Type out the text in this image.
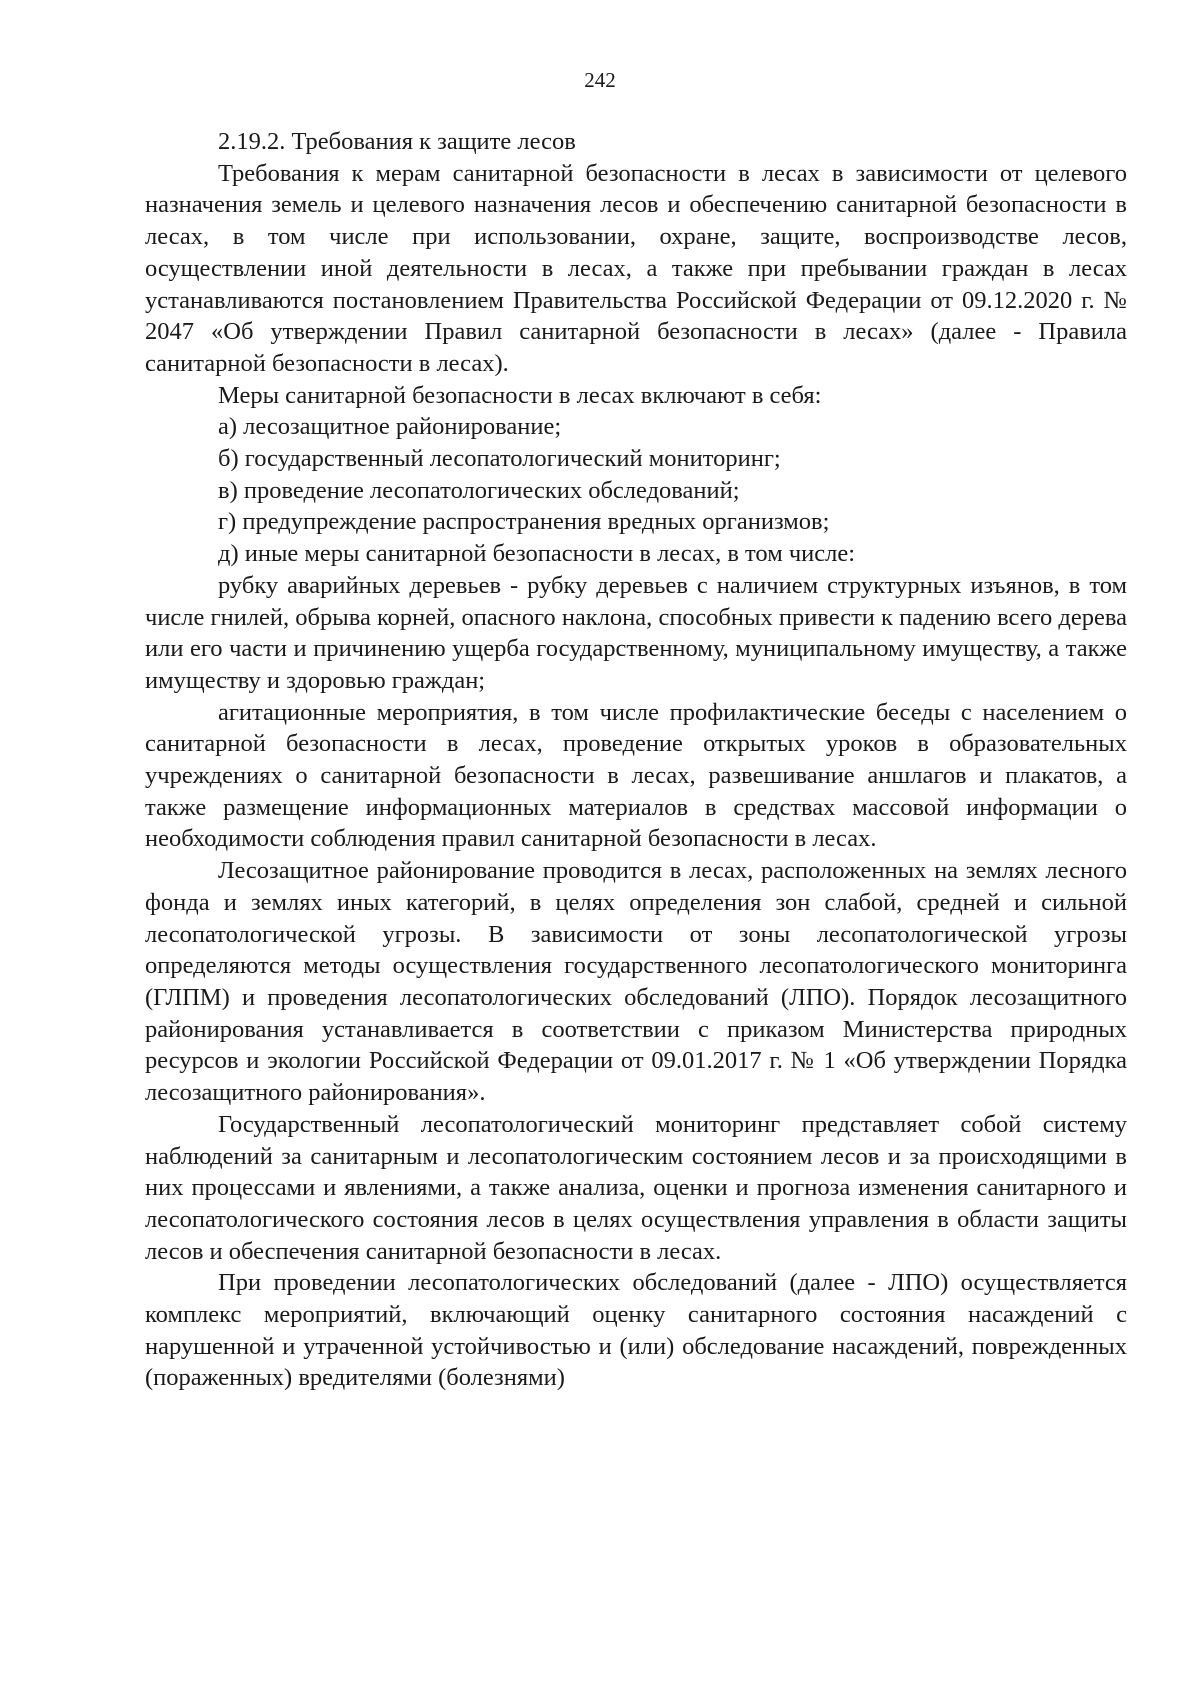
242

2.19.2. Требования к защите лесов

Требования к мерам санитарной безопасности в лесах в зависимости от целевого назначения земель и целевого назначения лесов и обеспечению санитарной безопасности в лесах, в том числе при использовании, охране, защите, воспроизводстве лесов, осуществлении иной деятельности в лесах, а также при пребывании граждан в лесах устанавливаются постановлением Правительства Российской Федерации от 09.12.2020 г. № 2047 «Об утверждении Правил санитарной безопасности в лесах» (далее - Правила санитарной безопасности в лесах).

Меры санитарной безопасности в лесах включают в себя:

а) лесозащитное районирование;

б) государственный лесопатологический мониторинг;

в) проведение лесопатологических обследований;

г) предупреждение распространения вредных организмов;

д) иные меры санитарной безопасности в лесах, в том числе:

рубку аварийных деревьев - рубку деревьев с наличием структурных изъянов, в том числе гнилей, обрыва корней, опасного наклона, способных привести к падению всего дерева или его части и причинению ущерба государственному, муниципальному имуществу, а также имуществу и здоровью граждан;

агитационные мероприятия, в том числе профилактические беседы с населением о санитарной безопасности в лесах, проведение открытых уроков в образовательных учреждениях о санитарной безопасности в лесах, развешивание аншлагов и плакатов, а также размещение информационных материалов в средствах массовой информации о необходимости соблюдения правил санитарной безопасности в лесах.

Лесозащитное районирование проводится в лесах, расположенных на землях лесного фонда и землях иных категорий, в целях определения зон слабой, средней и сильной лесопатологической угрозы. В зависимости от зоны лесопатологической угрозы определяются методы осуществления государственного лесопатологического мониторинга (ГЛПМ) и проведения лесопатологических обследований (ЛПО). Порядок лесозащитного районирования устанавливается в соответствии с приказом Министерства природных ресурсов и экологии Российской Федерации от 09.01.2017 г. № 1 «Об утверждении Порядка лесозащитного районирования».

Государственный лесопатологический мониторинг представляет собой систему наблюдений за санитарным и лесопатологическим состоянием лесов и за происходящими в них процессами и явлениями, а также анализа, оценки и прогноза изменения санитарного и лесопатологического состояния лесов в целях осуществления управления в области защиты лесов и обеспечения санитарной безопасности в лесах.

При проведении лесопатологических обследований (далее - ЛПО) осуществляется комплекс мероприятий, включающий оценку санитарного состояния насаждений с нарушенной и утраченной устойчивостью и (или) обследование насаждений, поврежденных (пораженных) вредителями (болезнями)
